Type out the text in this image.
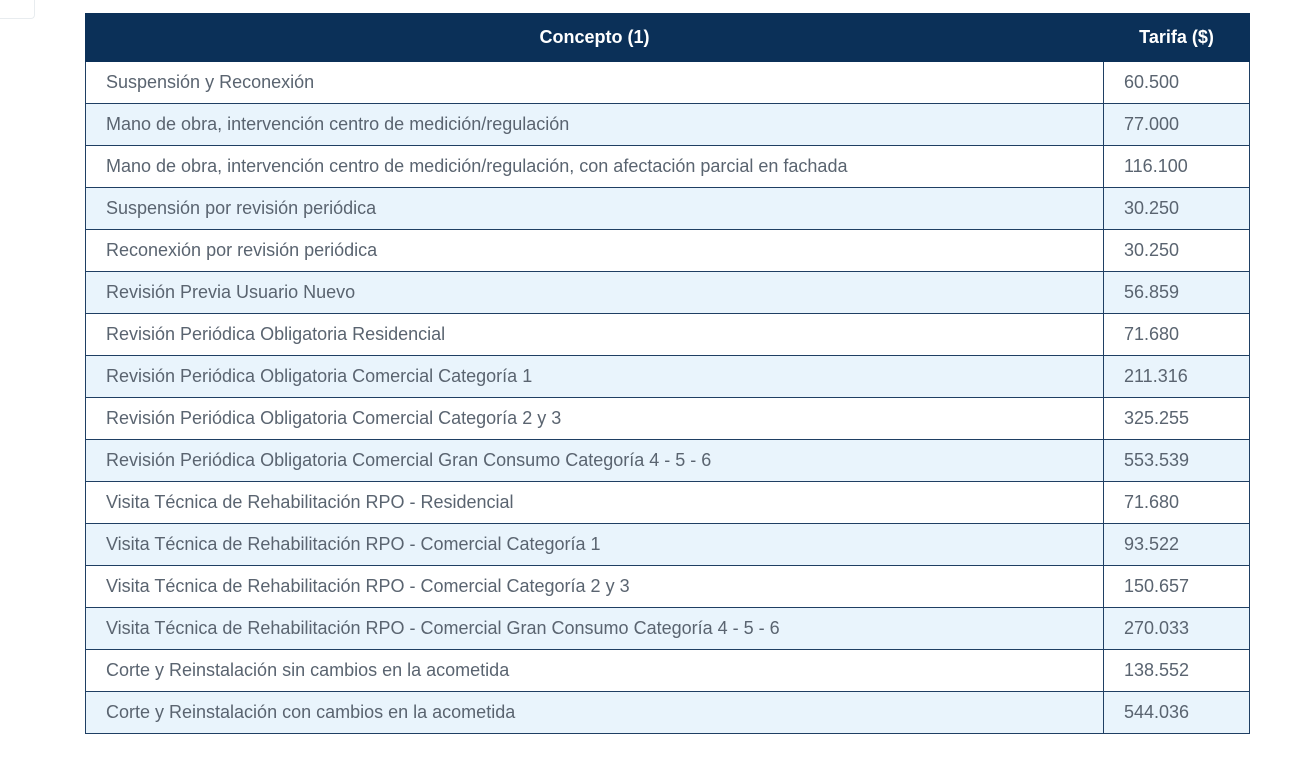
Concepto (1)	Tarifa ($)
Suspensión y Reconexión	60.500
Mano de obra, intervención centro de medición/regulación	77.000
Mano de obra, intervención centro de medición/regulación, con afectación parcial en fachada	116.100
Suspensión por revisión periódica	30.250
Reconexión por revisión periódica	30.250
Revisión Previa Usuario Nuevo	56.859
Revisión Periódica Obligatoria Residencial	71.680
Revisión Periódica Obligatoria Comercial Categoría 1	211.316
Revisión Periódica Obligatoria Comercial Categoría 2 y 3	325.255
Revisión Periódica Obligatoria Comercial Gran Consumo Categoría 4 - 5 - 6	553.539
Visita Técnica de Rehabilitación RPO - Residencial	71.680
Visita Técnica de Rehabilitación RPO - Comercial Categoría 1	93.522
Visita Técnica de Rehabilitación RPO - Comercial Categoría 2 y 3	150.657
Visita Técnica de Rehabilitación RPO - Comercial Gran Consumo Categoría 4 - 5 - 6	270.033
Corte y Reinstalación sin cambios en la acometida	138.552
Corte y Reinstalación con cambios en la acometida	544.036
